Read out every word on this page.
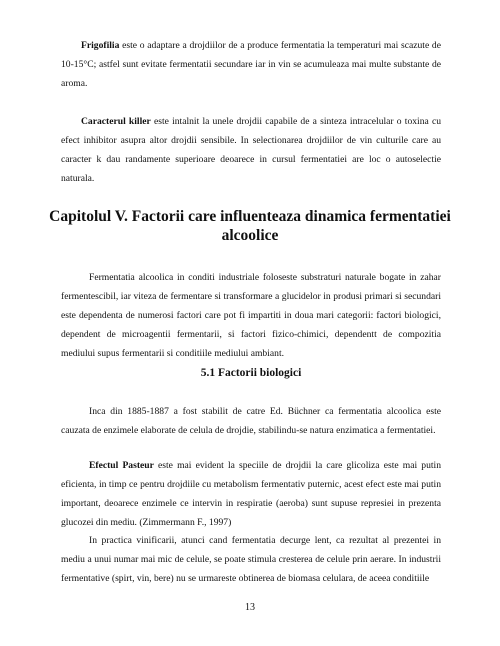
Frigofilia este o adaptare a drojdiilor de a produce fermentatia la temperaturi mai scazute de 10-15°C; astfel sunt evitate fermentatii secundare iar in vin se acumuleaza mai multe substante de aroma.

Caracterul killer este intalnit la unele drojdii capabile de a sinteza intracelular o toxina cu efect inhibitor asupra altor drojdii sensibile. In selectionarea drojdiilor de vin culturile care au caracter k dau randamente superioare deoarece in cursul fermentatiei are loc o autoselectie naturala.

Capitolul V. Factorii care influenteaza dinamica fermentatiei alcoolice

Fermentatia alcoolica in conditi industriale foloseste substraturi naturale bogate in zahar fermentescibil, iar viteza de fermentare si transformare a glucidelor in produsi primari si secundari este dependenta de numerosi factori care pot fi impartiti in doua mari categorii: factori biologici, dependent de microagentii fermentarii, si factori fizico-chimici, dependentt de compozitia mediului supus fermentarii si conditiile mediului ambiant.

5.1 Factorii biologici

Inca din 1885-1887 a fost stabilit de catre Ed. Büchner ca fermentatia alcoolica este cauzata de enzimele elaborate de celula de drojdie, stabilindu-se natura enzimatica a fermentatiei.

Efectul Pasteur este mai evident la speciile de drojdii la care glicoliza este mai putin eficienta, in timp ce pentru drojdiile cu metabolism fermentativ puternic, acest efect este mai putin important, deoarece enzimele ce intervin in respiratie (aeroba) sunt supuse represiei in prezenta glucozei din mediu. (Zimmermann F., 1997)

In practica vinificarii, atunci cand fermentatia decurge lent, ca rezultat al prezentei in mediu a unui numar mai mic de celule, se poate stimula cresterea de celule prin aerare. In industrii fermentative (spirt, vin, bere) nu se urmareste obtinerea de biomasa celulara, de aceea conditiile

13
